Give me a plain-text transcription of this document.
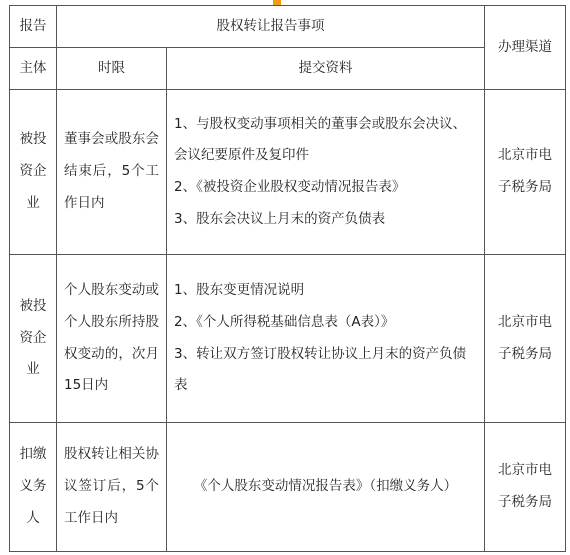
报告	股权转让报告事项		办理渠道
主体	时限	提交资料	
被投资企业	董事会或股东会结束后，5个工作日内	1、与股权变动事项相关的董事会或股东会决议、会议纪要原件及复印件
2、《被投资企业股权变动情况报告表》
3、股东会决议上月末的资产负债表	北京市电子税务局
被投资企业	个人股东变动或个人股东所持股权变动的，次月15日内	1、股东变更情况说明
2、《个人所得税基础信息表（A表）》
3、转让双方签订股权转让协议上月末的资产负债表	北京市电子税务局
扣缴义务人	股权转让相关协议签订后，5个工作日内	《个人股东变动情况报告表》（扣缴义务人）	北京市电子税务局
